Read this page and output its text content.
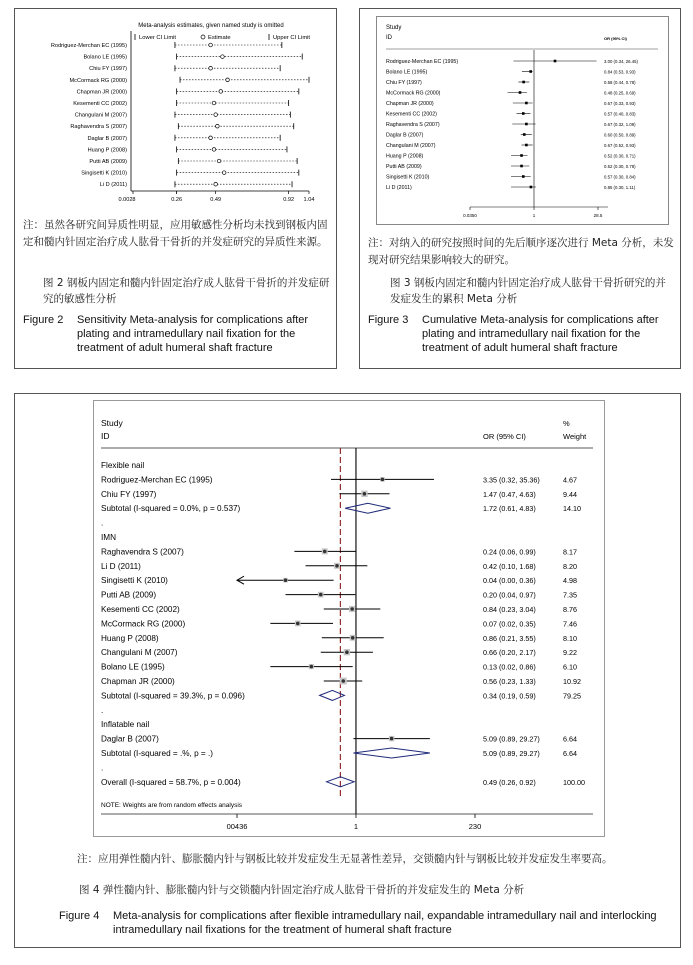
Meta-analysis estimates, given named study is omitted
Lower CI Limit	Estimate	Upper CI Limit
Rodriguez-Merchan EC (1995)
Bolano LE (1995)
Chiu FY (1997)
McCormack RG (2000)
Chapman JR (2000)
Kesementi CC (2002)
Changulani M (2007)
Raghavendra S (2007)
Daglar B (2007)
Huang P (2008)
Putti AB (2009)
Singisetti K (2010)
Li D (2011)
0.0028	0.26	0.49	0.92 1.04
注：虽然各研究间异质性明显，应用敏感性分析均未找到钢板内固定和髓内针固定治疗成人肱骨干骨折的并发症研究的异质性来源。
图 2 钢板内固定和髓内针固定治疗成人肱骨干骨折的并发症研究的敏感性分析
Figure 2 Sensitivity Meta-analysis for complications after plating and intramedullary nail fixation for the treatment of adult humeral shaft fracture
Study
ID	OR (95% CI)
Rodriguez-Merchan EC (1995)	3.00 (0.34, 26.45)
Bolano LE (1995)	0.84 (0.53, 0.93)
Chiu FY (1997)	0.58 (0.44, 0.78)
McCormack RG (2000)	0.48 (0.25, 0.69)
Chapman JR (2000)	0.67 (0.33, 0.93)
Kesementi CC (2002)	0.57 (0.40, 0.83)
Raghavendra S (2007)	0.67 (0.32, 1.09)
Daglar B (2007)	0.60 (0.50, 0.89)
Changulani M (2007)	0.67 (0.52, 0.93)
Huang P (2008)	0.52 (0.30, 0.71)
Putti AB (2009)	0.52 (0.30, 0.78)
Singisetti K (2010)	0.57 (0.30, 0.84)
Li D (2011)	0.85 (0.30, 1.11)
0.0350	1	28.5
注：对纳入的研究按照时间的先后顺序逐次进行 Meta 分析，未发现对研究结果影响较大的研究。
图 3 钢板内固定和髓内针固定治疗成人肱骨干骨折研究的并发症发生的累积 Meta 分析
Figure 3 Cumulative Meta-analysis for complications after plating and intramedullary nail fixation for the treatment of adult humeral shaft fracture
Study
ID	OR (95% CI)
%
Weight
Flexible nail
Rodriguez-Merchan EC (1995)	3.35 (0.32, 35.36)	4.67
Chiu FY (1997)	1.47 (0.47, 4.63)	9.44
Subtotal (I-squared = 0.0%, p = 0.537)	1.72 (0.61, 4.83)	14.10
.
IMN
Raghavendra S (2007)	0.24 (0.06, 0.99)	8.17
Li D (2011)	0.42 (0.10, 1.68)	8.20
Singisetti K (2010)	0.04 (0.00, 0.36)	4.98
Putti AB (2009)	0.20 (0.04, 0.97)	7.35
Kesementi CC (2002)	0.84 (0.23, 3.04)	8.76
McCormack RG (2000)	0.07 (0.02, 0.35)	7.46
Huang P (2008)	0.86 (0.21, 3.55)	8.10
Changulani M (2007)	0.66 (0.20, 2.17)	9.22
Bolano LE (1995)	0.13 (0.02, 0.86)	6.10
Chapman JR (2000)	0.56 (0.23, 1.33)	10.92
Subtotal (I-squared = 39.3%, p = 0.096)	0.34 (0.19, 0.59)	79.25
.
Inflatable nail
Daglar B (2007)	5.09 (0.89, 29.27)	6.64
Subtotal (I-squared = .%, p = .)	5.09 (0.89, 29.27)	6.64
.
Overall (I-squared = 58.7%, p = 0.004)	0.49 (0.26, 0.92)	100.00
NOTE: Weights are from random effects analysis
00436	1	230
注：应用弹性髓内针、膨胀髓内针与钢板比较并发症发生无显著性差异，交锁髓内针与钢板比较并发症发生率要高。
图 4 弹性髓内针、膨胀髓内针与交锁髓内针固定治疗成人肱骨干骨折的并发症发生的 Meta 分析
Figure 4 Meta-analysis for complications after flexible intramedullary nail, expandable intramedullary nail and interlocking intramedullary nail fixations for the treatment of humeral shaft fracture
